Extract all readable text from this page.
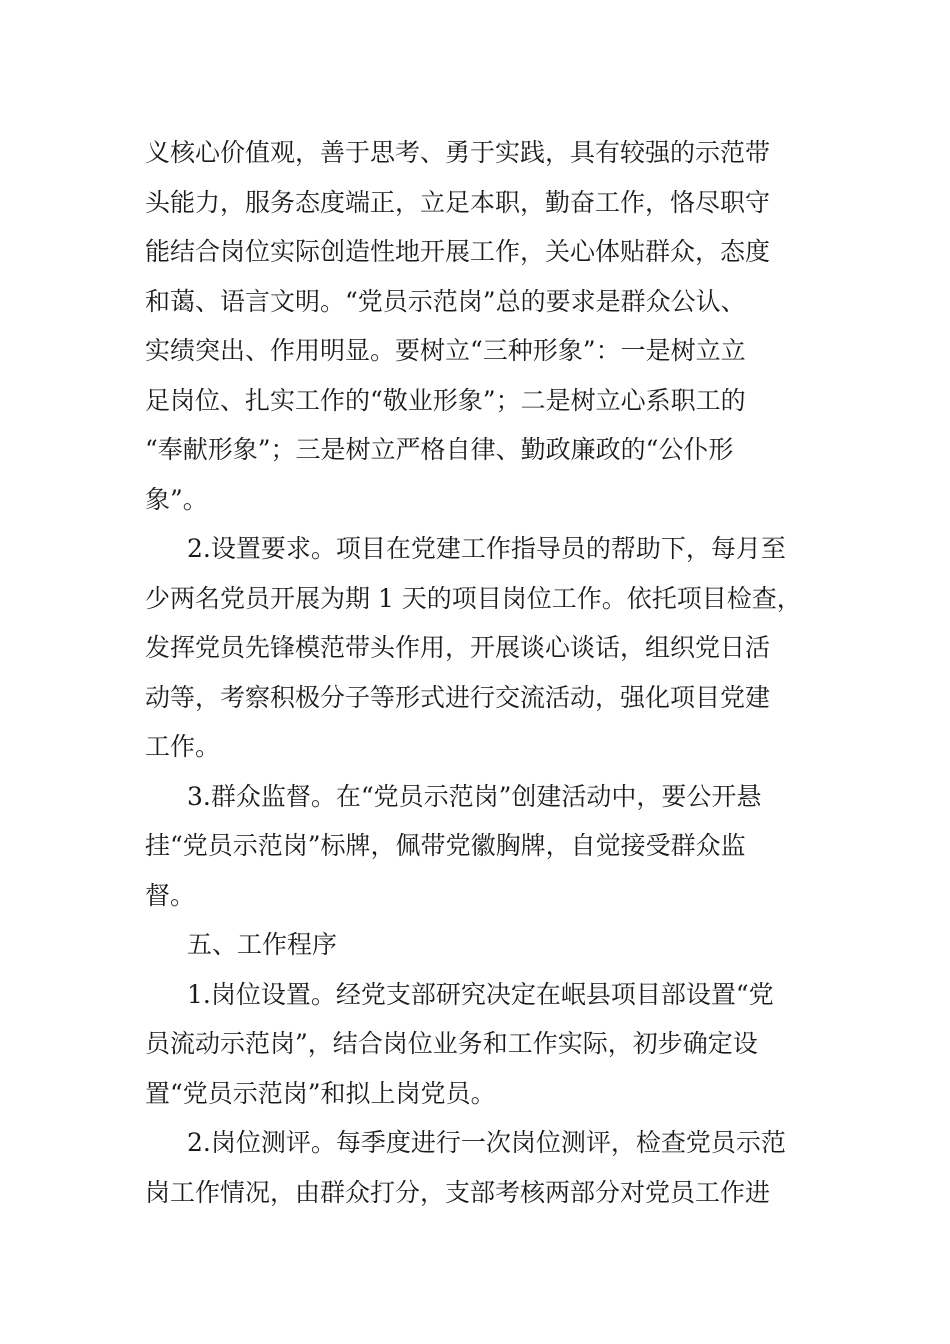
义核心价值观，善于思考、勇于实践，具有较强的示范带
头能力，服务态度端正，立足本职，勤奋工作，恪尽职守
能结合岗位实际创造性地开展工作，关心体贴群众，态度
和蔼、语言文明。“党员示范岗”总的要求是群众公认、
实绩突出、作用明显。要树立“三种形象”：一是树立立
足岗位、扎实工作的“敬业形象”；二是树立心系职工的
“奉献形象”；三是树立严格自律、勤政廉政的“公仆形
象”。
2.设置要求。项目在党建工作指导员的帮助下，每月至
少两名党员开展为期 1 天的项目岗位工作。依托项目检查，
发挥党员先锋模范带头作用，开展谈心谈话，组织党日活
动等，考察积极分子等形式进行交流活动，强化项目党建
工作。
3.群众监督。在“党员示范岗”创建活动中，要公开悬
挂“党员示范岗”标牌，佩带党徽胸牌，自觉接受群众监
督。
五、工作程序
1.岗位设置。经党支部研究决定在岷县项目部设置“党
员流动示范岗”，结合岗位业务和工作实际，初步确定设
置“党员示范岗”和拟上岗党员。
2.岗位测评。每季度进行一次岗位测评，检查党员示范
岗工作情况，由群众打分，支部考核两部分对党员工作进
